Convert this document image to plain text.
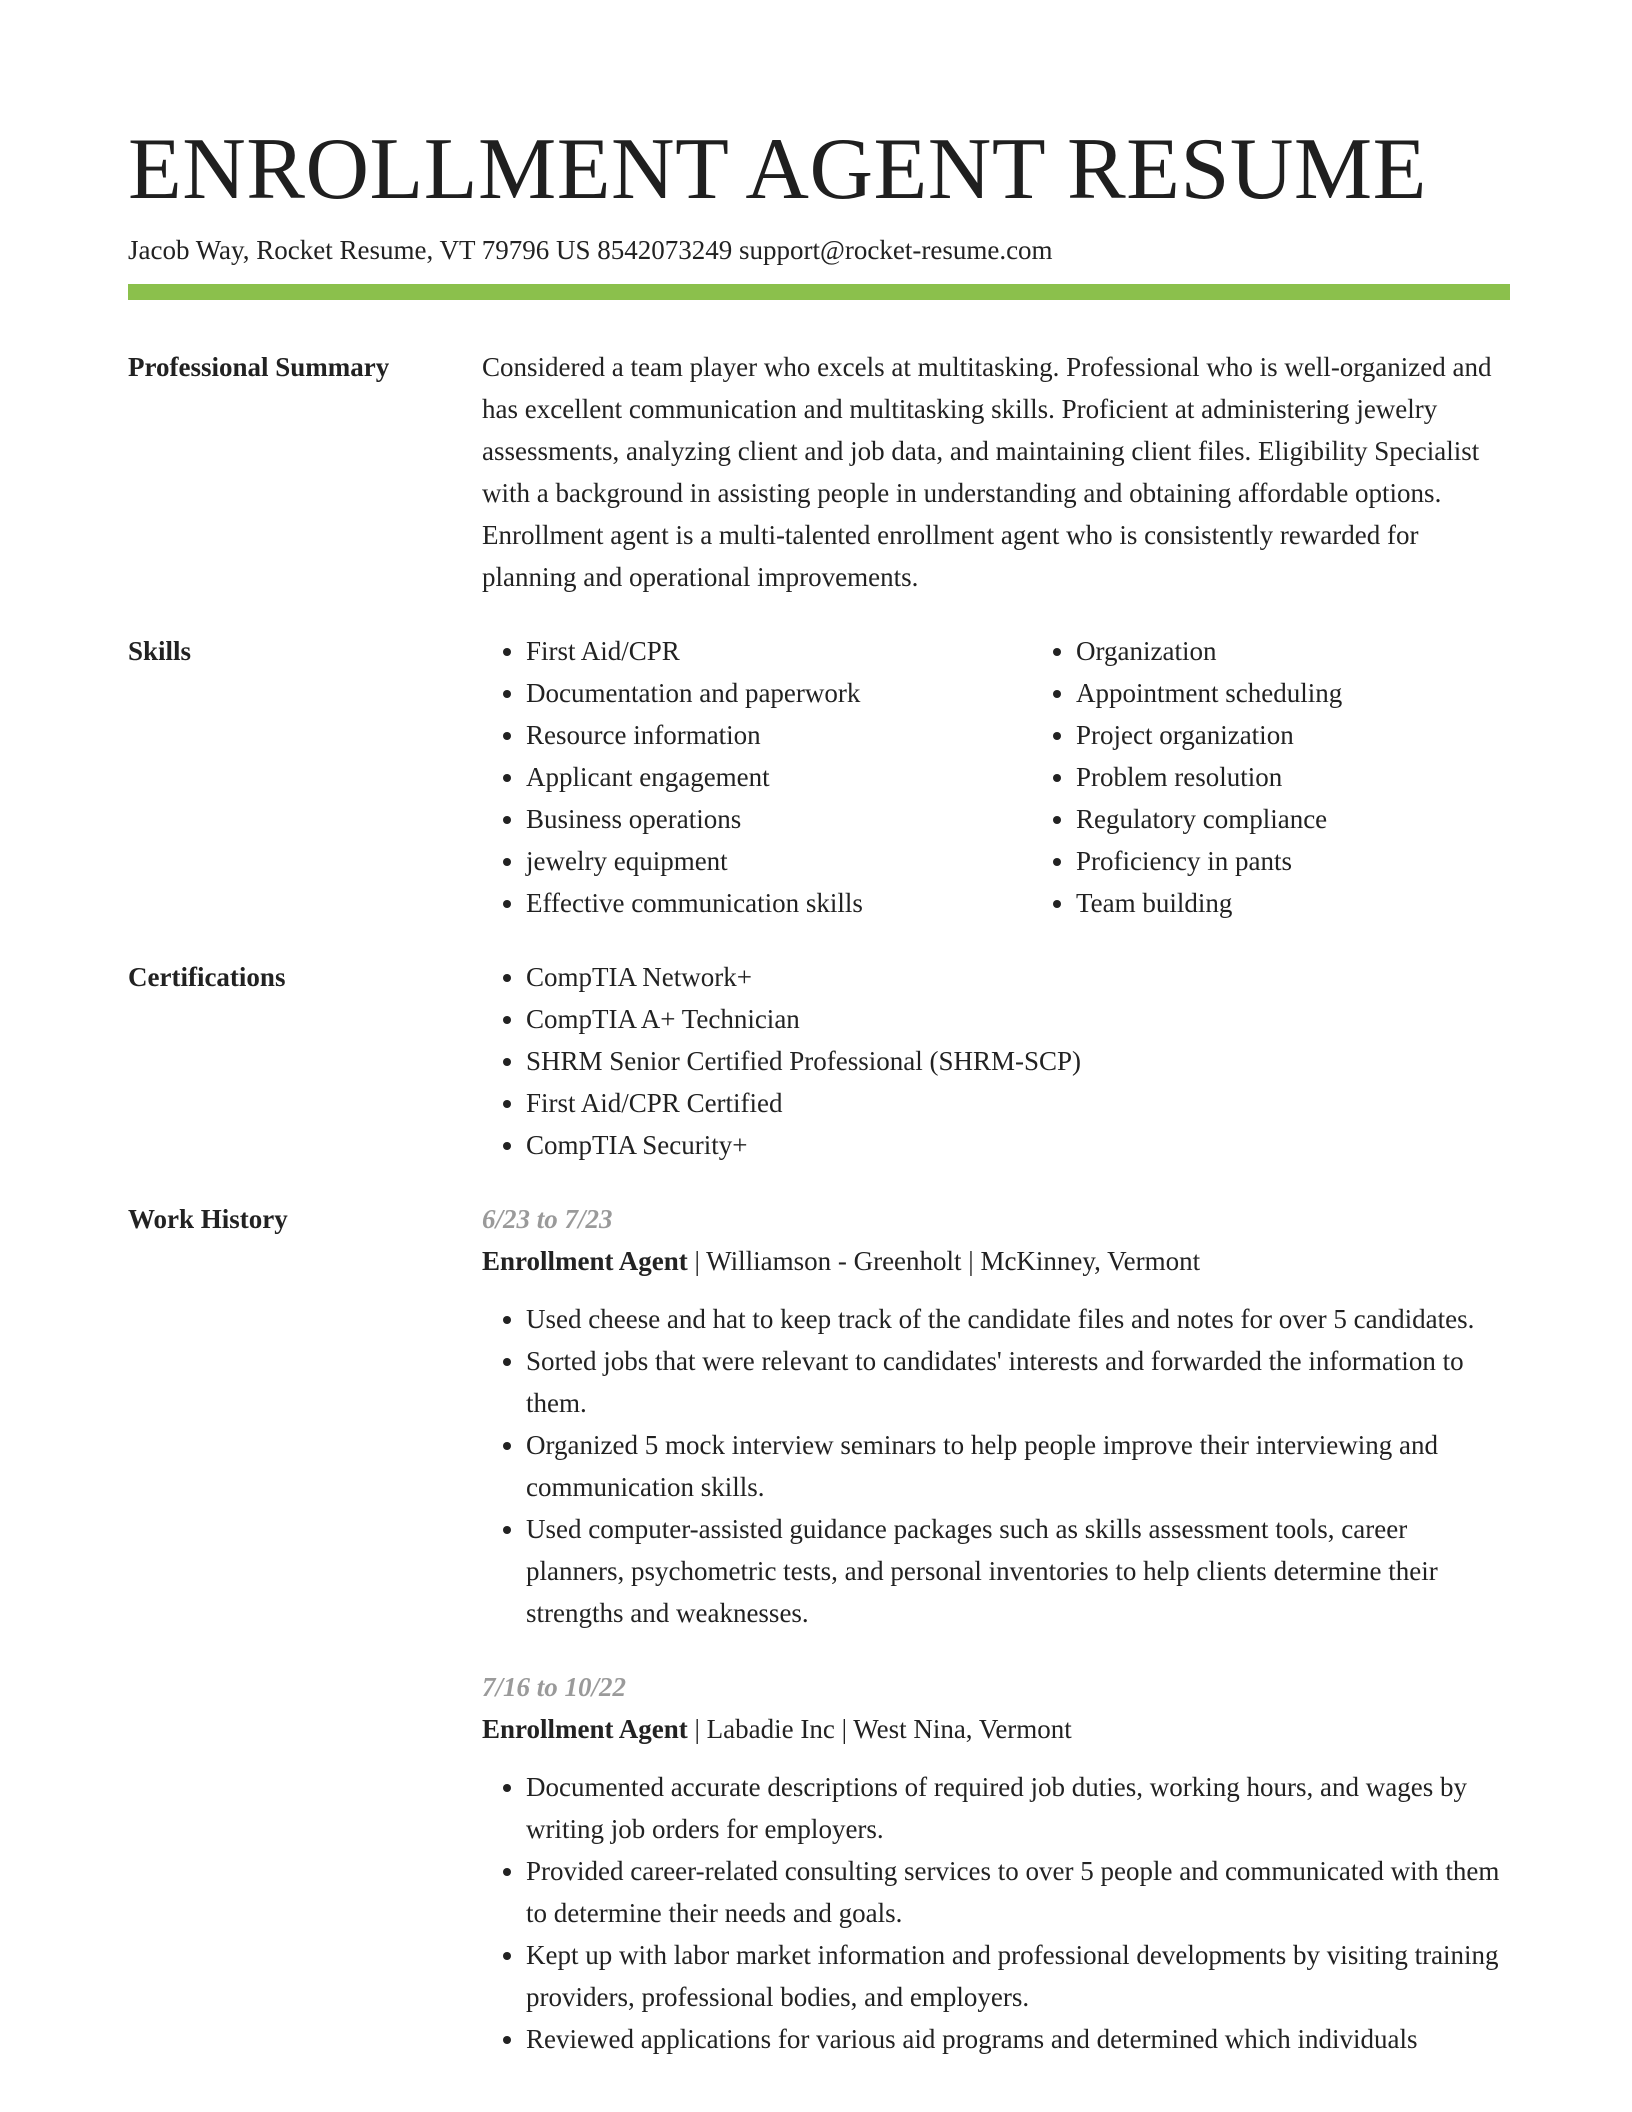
ENROLLMENT AGENT RESUME
Jacob Way, Rocket Resume, VT 79796 US 8542073249 support@rocket-resume.com
Professional Summary	Considered a team player who excels at multitasking. Professional who is well-organized and has excellent communication and multitasking skills. Proficient at administering jewelry assessments, analyzing client and job data, and maintaining client files. Eligibility Specialist with a background in assisting people in understanding and obtaining affordable options. Enrollment agent is a multi-talented enrollment agent who is consistently rewarded for planning and operational improvements.

Skills	• First Aid/CPR
• Documentation and paperwork
• Resource information
• Applicant engagement
• Business operations
• jewelry equipment
• Effective communication skills
• Organization
• Appointment scheduling
• Project organization
• Problem resolution
• Regulatory compliance
• Proficiency in pants
• Team building
Certifications	• CompTIA Network+
• CompTIA A+ Technician
• SHRM Senior Certified Professional (SHRM-SCP)
• First Aid/CPR Certified
• CompTIA Security+
Work History	6/23 to 7/23
Enrollment Agent | Williamson - Greenholt | McKinney, Vermont
• Used cheese and hat to keep track of the candidate files and notes for over 5 candidates.
• Sorted jobs that were relevant to candidates' interests and forwarded the information to them.
• Organized 5 mock interview seminars to help people improve their interviewing and communication skills.
• Used computer-assisted guidance packages such as skills assessment tools, career planners, psychometric tests, and personal inventories to help clients determine their strengths and weaknesses.
7/16 to 10/22
Enrollment Agent | Labadie Inc | West Nina, Vermont
• Documented accurate descriptions of required job duties, working hours, and wages by writing job orders for employers.
• Provided career-related consulting services to over 5 people and communicated with them to determine their needs and goals.
• Kept up with labor market information and professional developments by visiting training providers, professional bodies, and employers.
• Reviewed applications for various aid programs and determined which individuals
